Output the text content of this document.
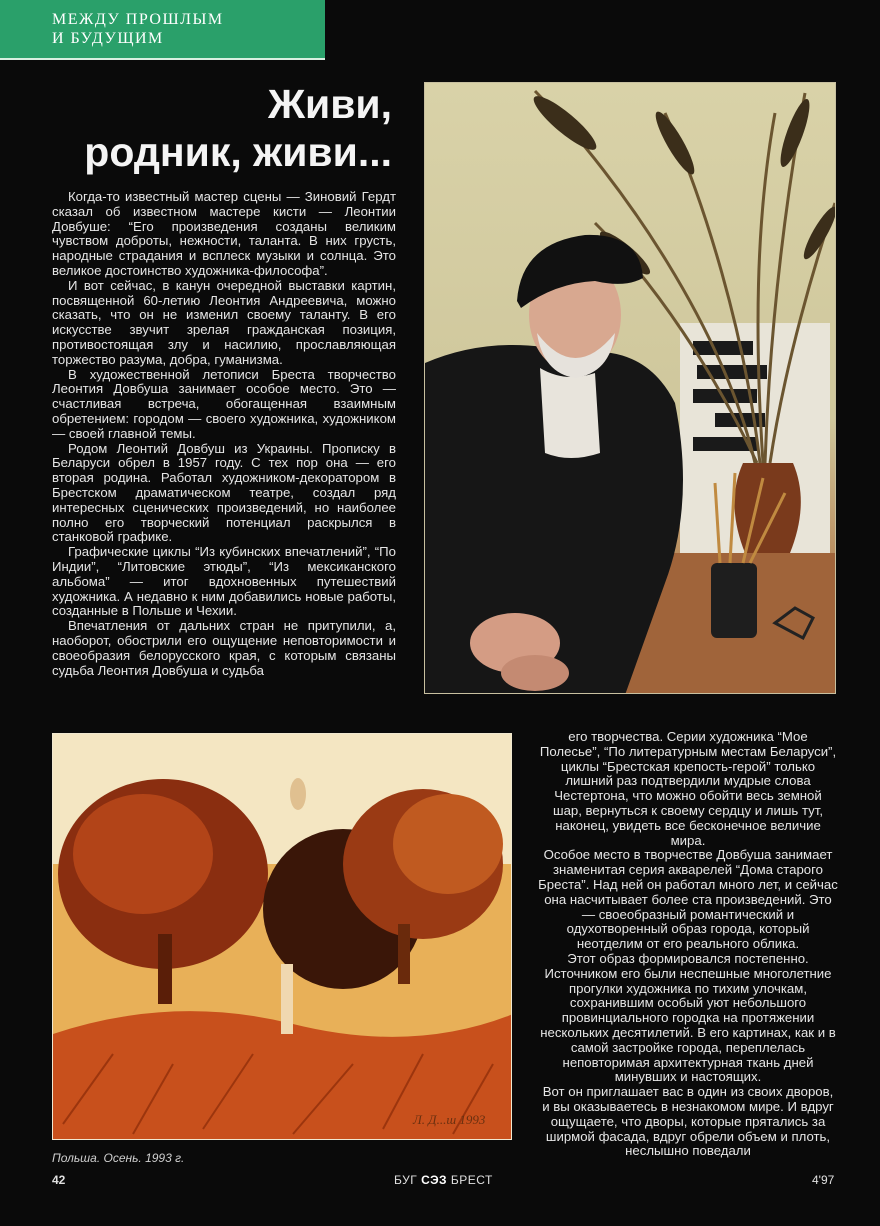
МЕЖДУ ПРОШЛЫМ
И БУДУЩИМ
Живи,
родник, живи...

Когда-то известный мастер сцены — Зиновий Гердт сказал об известном мастере кисти — Леонтии Довбуше: “Его произведения созданы великим чувством доброты, нежности, таланта. В них грусть, народные страдания и всплеск музыки и солнца. Это великое достоинство художника-философа”.

И вот сейчас, в канун очередной выставки картин, посвященной 60-летию Леонтия Андреевича, можно сказать, что он не изменил своему таланту. В его искусстве звучит зрелая гражданская позиция, противостоящая злу и насилию, прославляющая торжество разума, добра, гуманизма.

В художественной летописи Бреста творчество Леонтия Довбуша занимает особое место. Это — счастливая встреча, обогащенная взаимным обретением: городом — своего художника, художником — своей главной темы.

Родом Леонтий Довбуш из Украины. Прописку в Беларуси обрел в 1957 году. С тех пор она — его вторая родина. Работал художником-декоратором в Брестском драматическом театре, создал ряд интересных сценических произведений, но наиболее полно его творческий потенциал раскрылся в станковой графике.

Графические циклы “Из кубинских впечатлений”, “По Индии”, “Литовские этюды”, “Из мексиканского альбома” — итог вдохновенных путешествий художника. А недавно к ним добавились новые работы, созданные в Польше и Чехии.

Впечатления от дальних стран не притупили, а, наоборот, обострили его ощущение неповторимости и своеобразия белорусского края, с которым связаны судьба Леонтия Довбуша и судьба

Л. Д...ш 1993
Польша. Осень. 1993 г.

его творчества. Серии художника “Мое Полесье”, “По литературным местам Беларуси”, циклы “Брестская крепость-герой” только лишний раз подтвердили мудрые слова Честертона, что можно обойти весь земной шар, вернуться к своему сердцу и лишь тут, наконец, увидеть все бесконечное величие мира.

Особое место в творчестве Довбуша занимает знаменитая серия акварелей “Дома старого Бреста”. Над ней он работал много лет, и сейчас она насчитывает более ста произведений. Это — своеобразный романтический и одухотворенный образ города, который неотделим от его реального облика.

Этот образ формировался постепенно. Источником его были неспешные многолетние прогулки художника по тихим улочкам, сохранившим особый уют небольшого провинциального городка на протяжении нескольких десятилетий. В его картинах, как и в самой застройке города, переплелась неповторимая архитектурная ткань дней минувших и настоящих.

Вот он приглашает вас в один из своих дворов, и вы оказываетесь в незнакомом мире. И вдруг ощущаете, что дворы, которые прятались за ширмой фасада, вдруг обрели объем и плоть, неслышно поведали

42	БУГ СЭЗ БРЕСТ	4'97
